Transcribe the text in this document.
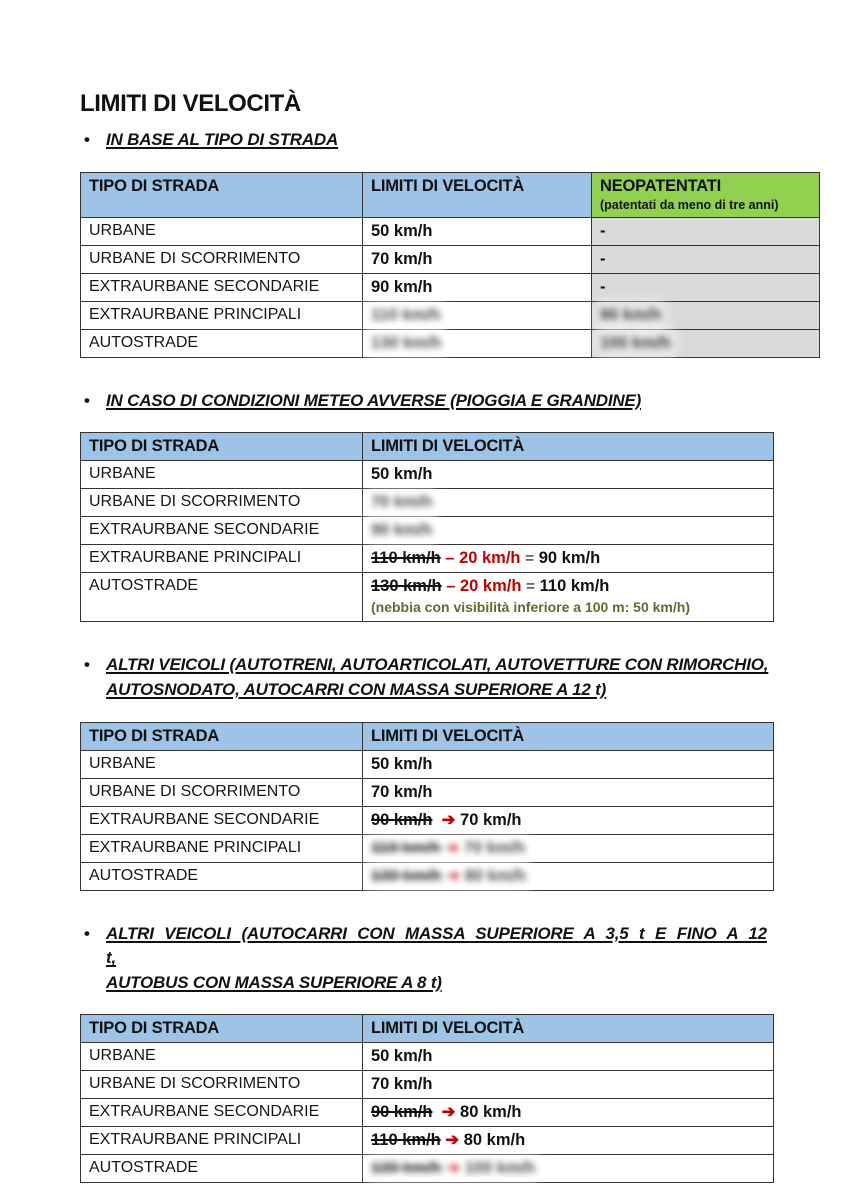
LIMITI DI VELOCITÀ
• IN BASE AL TIPO DI STRADA
TIPO DI STRADA	LIMITI DI VELOCITÀ	NEOPATENTATI
(patentati da meno di tre anni)

URBANE	50 km/h	-
URBANE DI SCORRIMENTO	70 km/h	-
EXTRAURBANE SECONDARIE	90 km/h	-
EXTRAURBANE PRINCIPALI	110 km/h	90 km/h
AUTOSTRADE	130 km/h	100 km/h
• IN CASO DI CONDIZIONI METEO AVVERSE (PIOGGIA E GRANDINE)
TIPO DI STRADA	LIMITI DI VELOCITÀ

URBANE	50 km/h
URBANE DI SCORRIMENTO	70 km/h
EXTRAURBANE SECONDARIE	90 km/h
EXTRAURBANE PRINCIPALI	110 km/h – 20 km/h = 90 km/h
AUTOSTRADE	130 km/h – 20 km/h = 110 km/h
(nebbia con visibilità inferiore a 100 m: 50 km/h)
• ALTRI VEICOLI (AUTOTRENI, AUTOARTICOLATI, AUTOVETTURE CON RIMORCHIO,
AUTOSNODATO, AUTOCARRI CON MASSA SUPERIORE A 12 t)
TIPO DI STRADA	LIMITI DI VELOCITÀ

URBANE	50 km/h
URBANE DI SCORRIMENTO	70 km/h
EXTRAURBANE SECONDARIE	90 km/h  ➔ 70 km/h
EXTRAURBANE PRINCIPALI	110 km/h ➔ 70 km/h
AUTOSTRADE	130 km/h ➔ 80 km/h
• ALTRI VEICOLI (AUTOCARRI CON MASSA SUPERIORE A 3,5 t E FINO A 12 t,
AUTOBUS CON MASSA SUPERIORE A 8 t)
TIPO DI STRADA	LIMITI DI VELOCITÀ

URBANE	50 km/h
URBANE DI SCORRIMENTO	70 km/h
EXTRAURBANE SECONDARIE	90 km/h  ➔ 80 km/h
EXTRAURBANE PRINCIPALI	110 km/h ➔ 80 km/h
AUTOSTRADE	130 km/h ➔ 100 km/h
